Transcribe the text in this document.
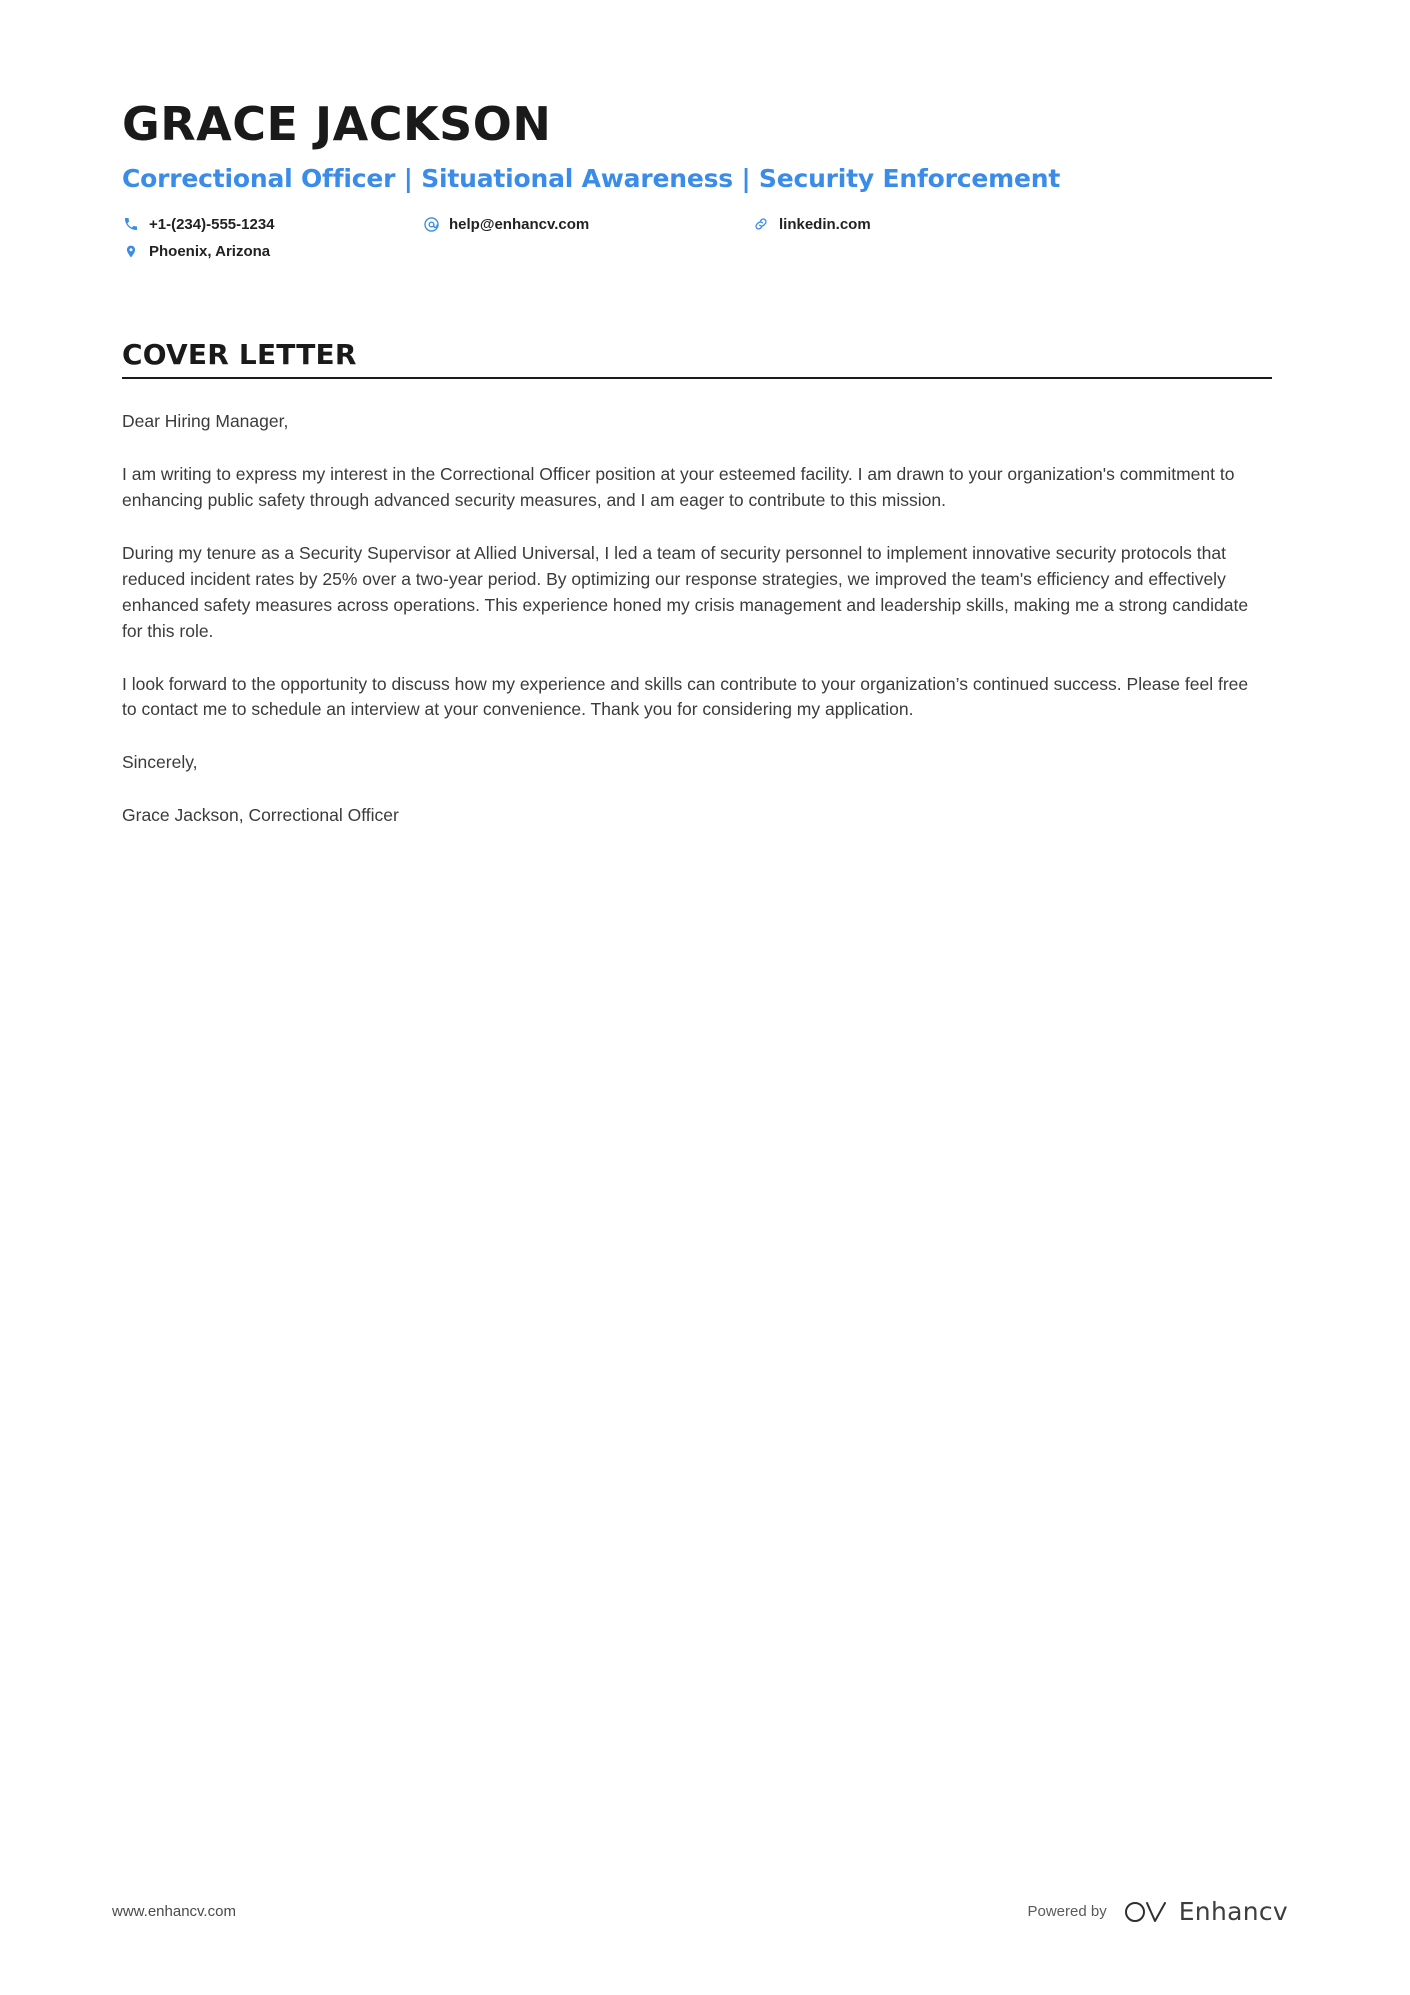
GRACE JACKSON
Correctional Officer | Situational Awareness | Security Enforcement
+1-(234)-555-1234	help@enhancv.com	linkedin.com
Phoenix, Arizona
COVER LETTER

Dear Hiring Manager,

I am writing to express my interest in the Correctional Officer position at your esteemed facility. I am drawn to your organization's commitment to enhancing public safety through advanced security measures, and I am eager to contribute to this mission.

During my tenure as a Security Supervisor at Allied Universal, I led a team of security personnel to implement innovative security protocols that reduced incident rates by 25% over a two-year period. By optimizing our response strategies, we improved the team's efficiency and effectively enhanced safety measures across operations. This experience honed my crisis management and leadership skills, making me a strong candidate for this role.

I look forward to the opportunity to discuss how my experience and skills can contribute to your organization’s continued success. Please feel free to contact me to schedule an interview at your convenience. Thank you for considering my application.

Sincerely,

Grace Jackson, Correctional Officer

www.enhancv.com	Powered by	Enhancv
